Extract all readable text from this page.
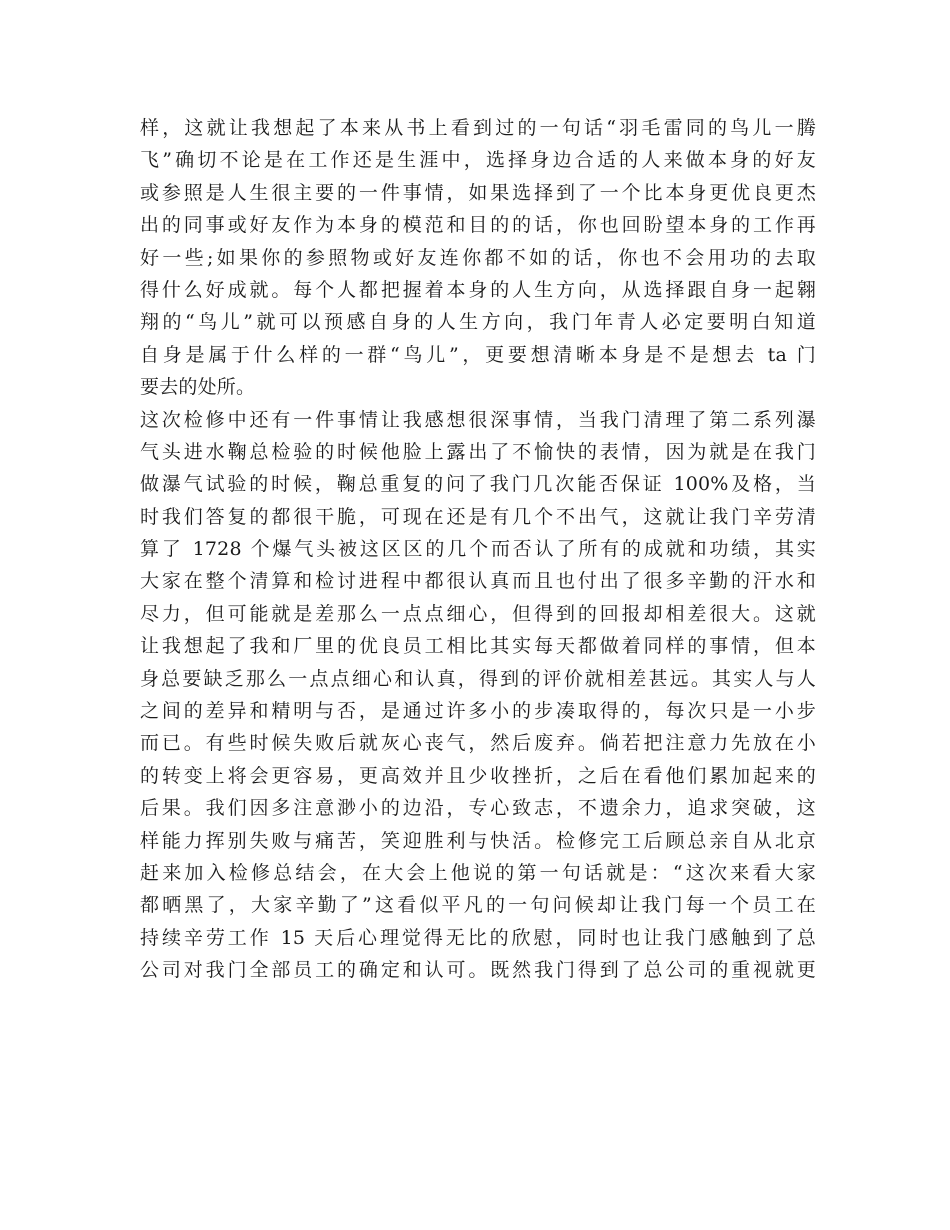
样，这就让我想起了本来从书上看到过的一句话“羽毛雷同的鸟儿一腾
飞”确切不论是在工作还是生涯中，选择身边合适的人来做本身的好友
或参照是人生很主要的一件事情，如果选择到了一个比本身更优良更杰
出的同事或好友作为本身的模范和目的的话，你也回盼望本身的工作再
好一些;如果你的参照物或好友连你都不如的话，你也不会用功的去取
得什么好成就。每个人都把握着本身的人生方向，从选择跟自身一起翱
翔的“鸟儿”就可以预感自身的人生方向，我门年青人必定要明白知道
自身是属于什么样的一群“鸟儿”，更要想清晰本身是不是想去 ta 门
要去的处所。
这次检修中还有一件事情让我感想很深事情，当我门清理了第二系列瀑
气头进水鞠总检验的时候他脸上露出了不愉快的表情，因为就是在我门
做瀑气试验的时候，鞠总重复的问了我门几次能否保证 100%及格，当
时我们答复的都很干脆，可现在还是有几个不出气，这就让我门辛劳清
算了 1728 个爆气头被这区区的几个而否认了所有的成就和功绩，其实
大家在整个清算和检讨进程中都很认真而且也付出了很多辛勤的汗水和
尽力，但可能就是差那么一点点细心，但得到的回报却相差很大。这就
让我想起了我和厂里的优良员工相比其实每天都做着同样的事情，但本
身总要缺乏那么一点点细心和认真，得到的评价就相差甚远。其实人与人
之间的差异和精明与否，是通过许多小的步凑取得的，每次只是一小步
而已。有些时候失败后就灰心丧气，然后废弃。倘若把注意力先放在小
的转变上将会更容易，更高效并且少收挫折，之后在看他们累加起来的
后果。我们因多注意渺小的边沿，专心致志，不遗余力，追求突破，这
样能力挥别失败与痛苦，笑迎胜利与快活。检修完工后顾总亲自从北京
赶来加入检修总结会，在大会上他说的第一句话就是：“这次来看大家
都晒黑了，大家辛勤了”这看似平凡的一句问候却让我门每一个员工在
持续辛劳工作 15 天后心理觉得无比的欣慰，同时也让我门感触到了总
公司对我门全部员工的确定和认可。既然我门得到了总公司的重视就更
